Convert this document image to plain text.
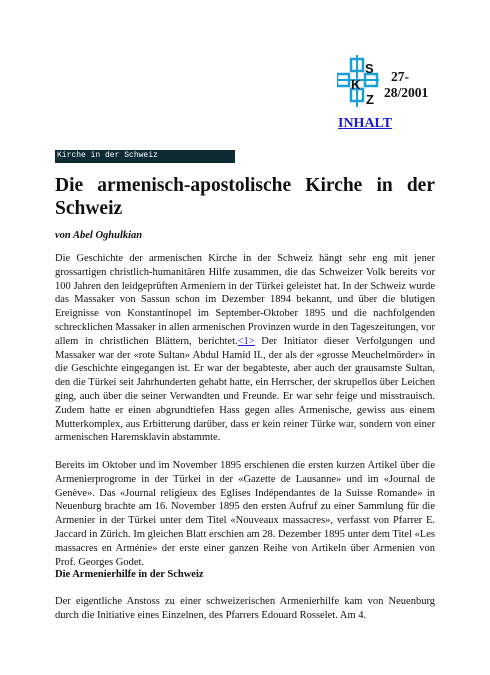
S
K
Z
27-
28/2001
INHALT
Kirche in der Schweiz
Die armenisch-apostolische Kirche in der Schweiz
von Abel Oghulkian

Die Geschichte der armenischen Kirche in der Schweiz hängt sehr eng mit jener grossartigen christlich-humanitären Hilfe zusammen, die das Schweizer Volk bereits vor 100 Jahren den leidgeprüften Armeniern in der Türkei geleistet hat. In der Schweiz wurde das Massaker von Sassun schon im Dezember 1894 bekannt, und über die blutigen Ereignisse von Konstantinopel im September-Oktober 1895 und die nachfolgenden schrecklichen Massaker in allen armenischen Provinzen wurde in den Tageszeitungen, vor allem in christlichen Blättern, berichtet.<1> Der Initiator dieser Verfolgungen und Massaker war der «rote Sultan» Abdul Hamid II., der als der «grosse Meuchelmörder» in die Geschichte eingegangen ist. Er war der begabteste, aber auch der grausamste Sultan, den die Türkei seit Jahrhunderten gehabt hatte, ein Herrscher, der skrupellos über Leichen ging, auch über die seiner Verwandten und Freunde. Er war sehr feige und misstrauisch. Zudem hatte er einen abgrundtiefen Hass gegen alles Armenische, gewiss aus einem Mutterkomplex, aus Erbitterung darüber, dass er kein reiner Türke war, sondern von einer armenischen Haremsklavin abstammte.

Bereits im Oktober und im November 1895 erschienen die ersten kurzen Artikel über die Armenierprogrome in der Türkei in der «Gazette de Lausanne» und im «Journal de Genève». Das «Journal religieux des Eglises Indépendantes de la Suisse Romande» in Neuenburg brachte am 16. November 1895 den ersten Aufruf zu einer Sammlung für die Armenier in der Türkei unter dem Titel «Nouveaux massacres», verfasst von Pfarrer E. Jaccard in Zürich. Im gleichen Blatt erschien am 28. Dezember 1895 unter dem Titel «Les massacres en Arménie» der erste einer ganzen Reihe von Artikeln über Armenien von Prof. Georges Godet.

Die Armenierhilfe in der Schweiz

Der eigentliche Anstoss zu einer schweizerischen Armenierhilfe kam von Neuenburg durch die Initiative eines Einzelnen, des Pfarrers Edouard Rosselet. Am 4.
